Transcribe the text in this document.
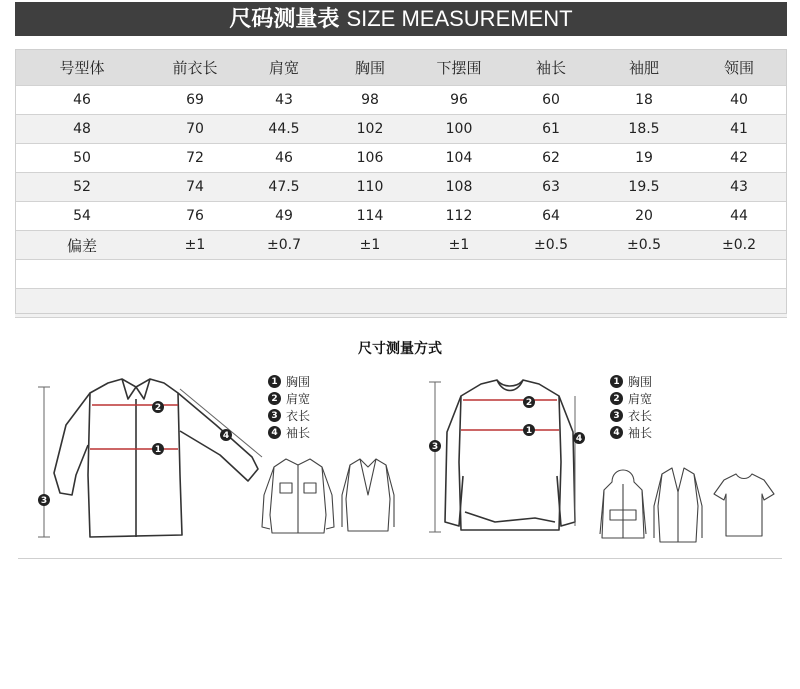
尺码测量表 SIZE MEASUREMENT
号型体	前衣长	肩宽	胸围	下摆围	袖长	袖肥	领围
46	69	43	98	96	60	18	40
48	70	44.5	102	100	61	18.5	41
50	72	46	106	104	62	19	42
52	74	47.5	110	108	63	19.5	43
54	76	49	114	112	64	20	44
偏差	±1	±0.7	±1	±1	±0.5	±0.5	±0.2

尺寸测量方式
2
1
3
4
1 胸围
2 肩宽
3 衣长
4 袖长
2
1
3
4
1 胸围
2 肩宽
3 衣长
4 袖长
